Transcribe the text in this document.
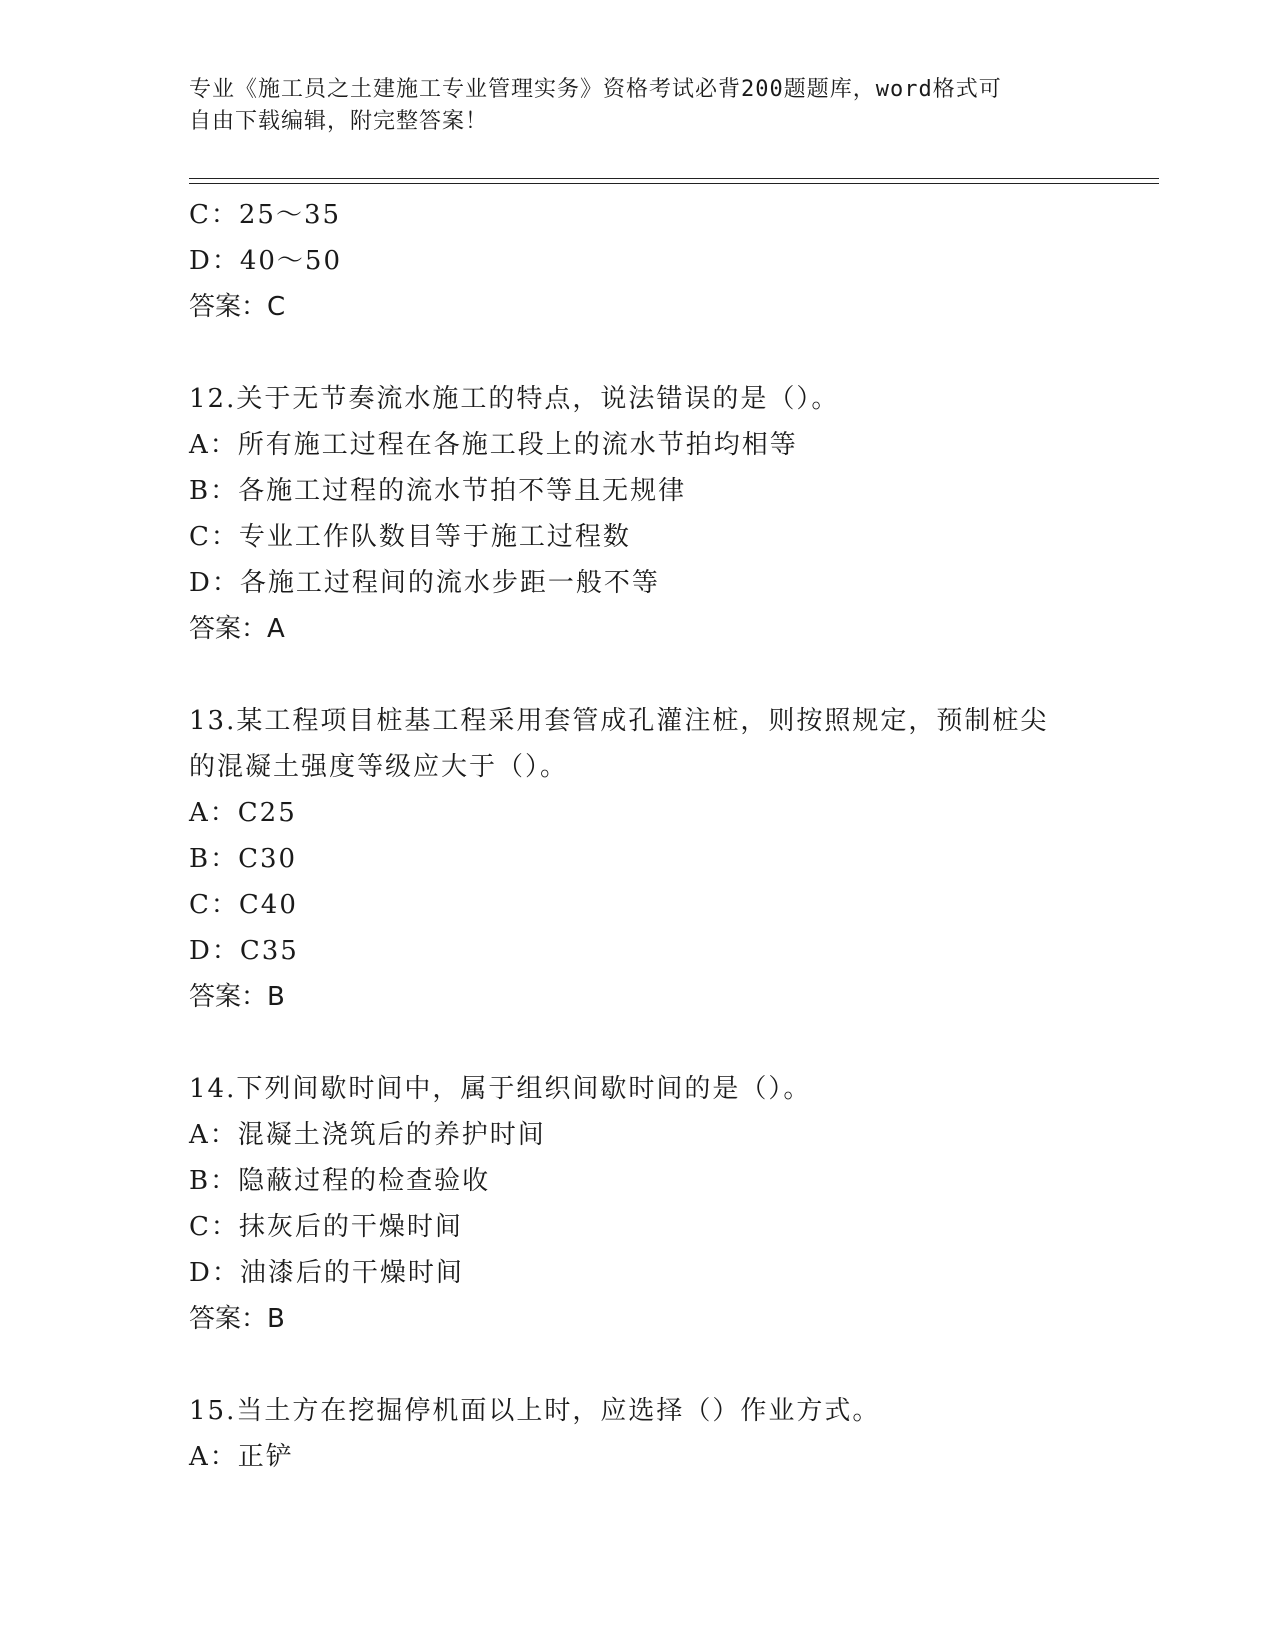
专业《施工员之土建施工专业管理实务》资格考试必背200题题库，word格式可
自由下载编辑，附完整答案！
C：25～35
D：40～50
答案：C
12.关于无节奏流水施工的特点，说法错误的是（）。
A：所有施工过程在各施工段上的流水节拍均相等
B：各施工过程的流水节拍不等且无规律
C：专业工作队数目等于施工过程数
D：各施工过程间的流水步距一般不等
答案：A
13.某工程项目桩基工程采用套管成孔灌注桩，则按照规定，预制桩尖
的混凝土强度等级应大于（）。
A：C25
B：C30
C：C40
D：C35
答案：B
14.下列间歇时间中，属于组织间歇时间的是（）。
A：混凝土浇筑后的养护时间
B：隐蔽过程的检查验收
C：抹灰后的干燥时间
D：油漆后的干燥时间
答案：B
15.当土方在挖掘停机面以上时，应选择（）作业方式。
A：正铲
